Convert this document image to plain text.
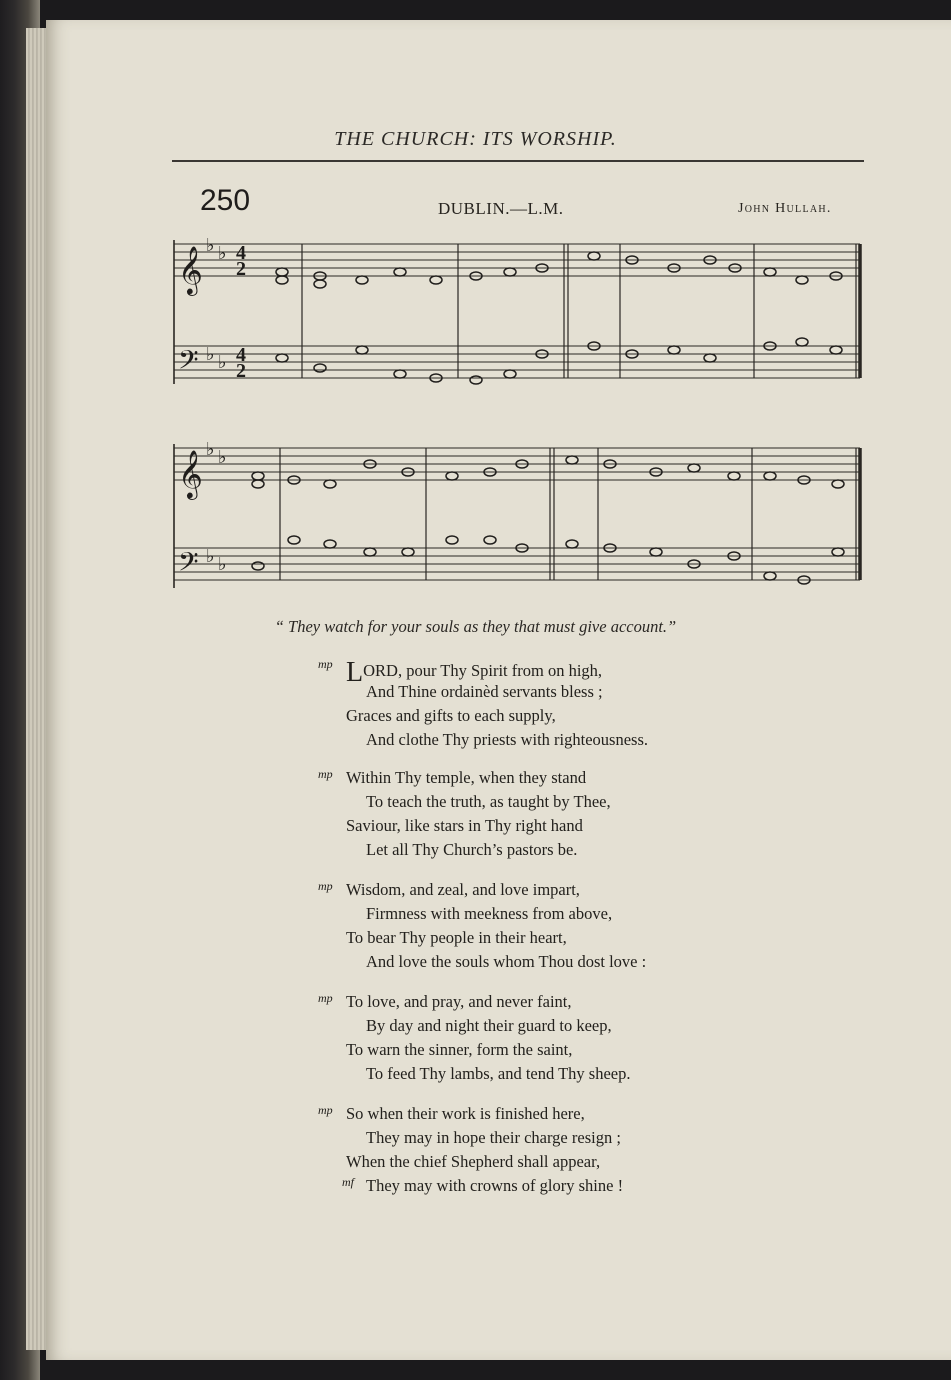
THE CHURCH: ITS WORSHIP.
250	DUBLIN.—L.M.	John Hullah.
𝄞
𝄢
♭ ♭
♭ ♭
4
2
4
2
𝄞
𝄢
♭ ♭
♭ ♭
“ They watch for your souls as they that must give account.”
mp LORD, pour Thy Spirit from on high,
And Thine ordainèd servants bless ;
Graces and gifts to each supply,
And clothe Thy priests with righteousness.
mp Within Thy temple, when they stand
To teach the truth, as taught by Thee,
Saviour, like stars in Thy right hand
Let all Thy Church’s pastors be.
mp Wisdom, and zeal, and love impart,
Firmness with meekness from above,
To bear Thy people in their heart,
And love the souls whom Thou dost love :
mp To love, and pray, and never faint,
By day and night their guard to keep,
To warn the sinner, form the saint,
To feed Thy lambs, and tend Thy sheep.
mp So when their work is finished here,
They may in hope their charge resign ;
When the chief Shepherd shall appear,
mf They may with crowns of glory shine !
